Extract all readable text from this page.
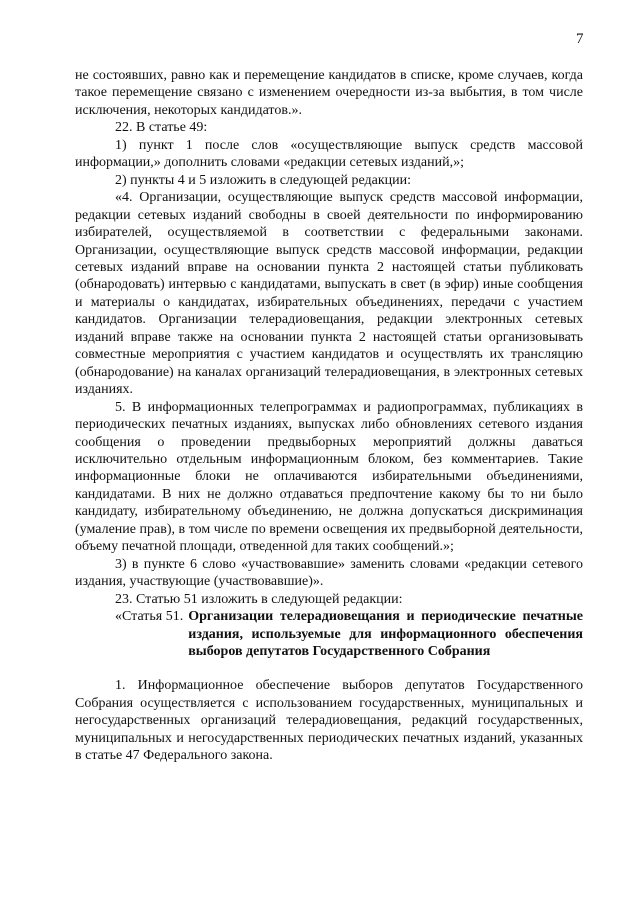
7

не состоявших, равно как и перемещение кандидатов в списке, кроме случаев, когда такое перемещение связано с изменением очередности из-за выбытия, в том числе исключения, некоторых кандидатов.».

22. В статье 49:

1) пункт 1 после слов «осуществляющие выпуск средств массовой информации,» дополнить словами «редакции сетевых изданий,»;

2) пункты 4 и 5 изложить в следующей редакции:

«4. Организации, осуществляющие выпуск средств массовой информации, редакции сетевых изданий свободны в своей деятельности по информированию избирателей, осуществляемой в соответствии с федеральными законами. Организации, осуществляющие выпуск средств массовой информации, редакции сетевых изданий вправе на основании пункта 2 настоящей статьи публиковать (обнародовать) интервью с кандидатами, выпускать в свет (в эфир) иные сообщения и материалы о кандидатах, избирательных объединениях, передачи с участием кандидатов. Организации телерадиовещания, редакции электронных сетевых изданий вправе также на основании пункта 2 настоящей статьи организовывать совместные мероприятия с участием кандидатов и осуществлять их трансляцию (обнародование) на каналах организаций телерадиовещания, в электронных сетевых изданиях.

5. В информационных телепрограммах и радиопрограммах, публикациях в периодических печатных изданиях, выпусках либо обновлениях сетевого издания сообщения о проведении предвыборных мероприятий должны даваться исключительно отдельным информационным блоком, без комментариев. Такие информационные блоки не оплачиваются избирательными объединениями, кандидатами. В них не должно отдаваться предпочтение какому бы то ни было кандидату, избирательному объединению, не должна допускаться дискриминация (умаление прав), в том числе по времени освещения их предвыборной деятельности, объему печатной площади, отведенной для таких сообщений.»;

3) в пункте 6 слово «участвовавшие» заменить словами «редакции сетевого издания, участвующие (участвовавшие)».

23. Статью 51 изложить в следующей редакции:

«Статья 51. Организации телерадиовещания и периодические печатные издания, используемые для информационного обеспечения выборов депутатов Государственного Собрания

1. Информационное обеспечение выборов депутатов Государственного Собрания осуществляется с использованием государственных, муниципальных и негосударственных организаций телерадиовещания, редакций государственных, муниципальных и негосударственных периодических печатных изданий, указанных в статье 47 Федерального закона.
